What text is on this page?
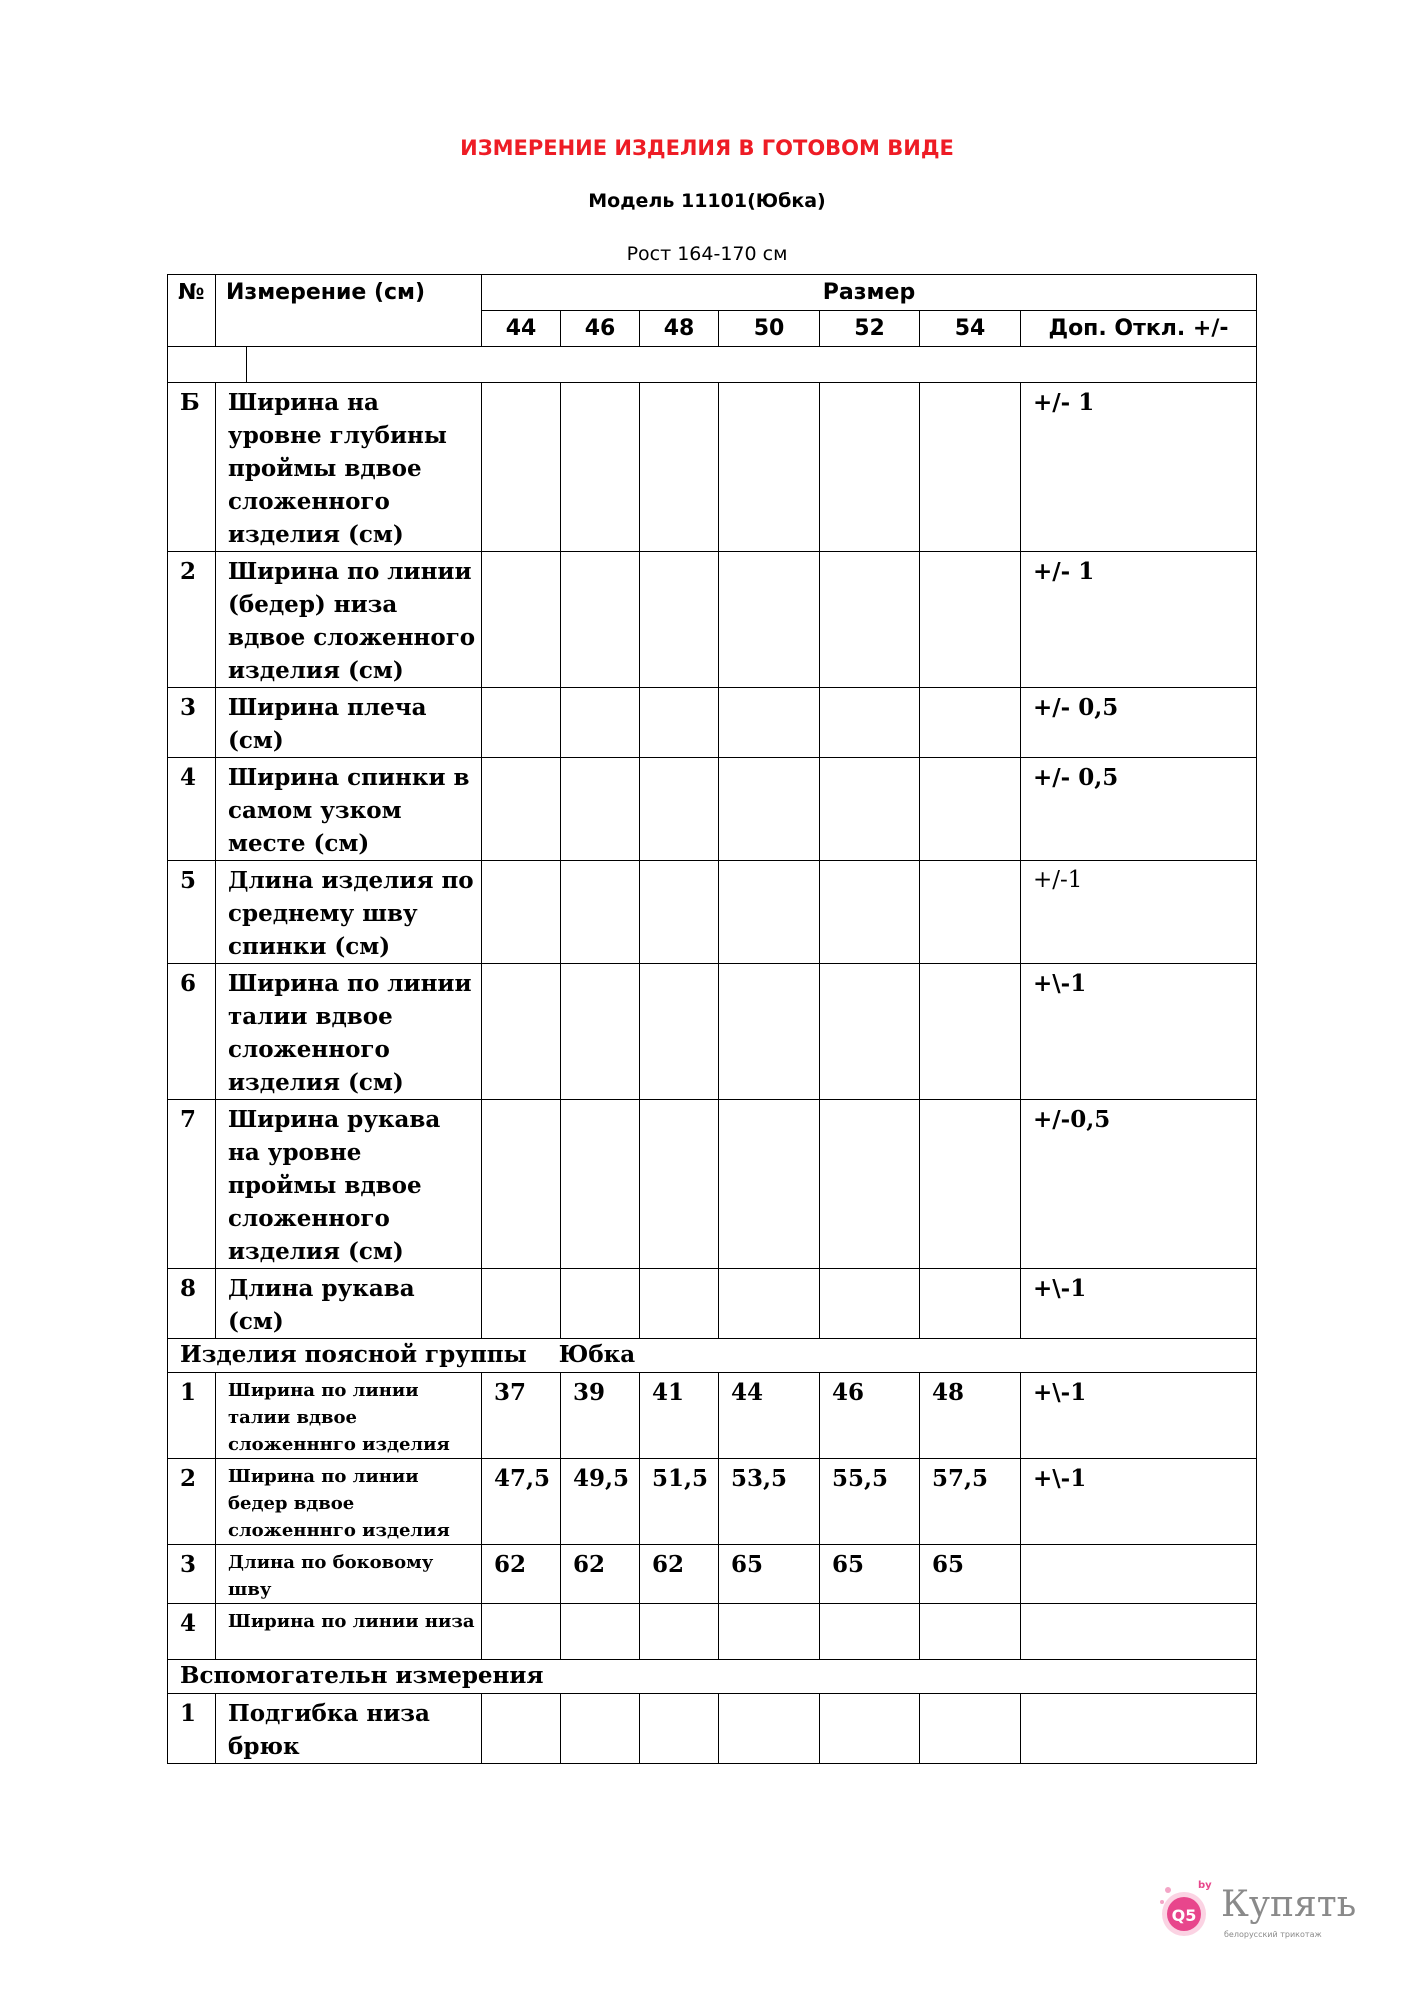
ИЗМЕРЕНИЕ ИЗДЕЛИЯ В ГОТОВОМ ВИДЕ
Модель 11101(Юбка)
Рост 164-170 см
№	Измерение (см)	Размер						
		44	46	48	50	52	54	Доп. Откл. +/-

Б	Ширина на уровне глубины проймы вдвое сложенного изделия (см)							+/- 1
2	Ширина по линии (бедер) низа вдвое сложенного изделия (см)							+/- 1
3	Ширина плеча (см)							+/- 0,5
4	Ширина спинки в самом узком месте (см)							+/- 0,5
5	Длина изделия по среднему шву спинки (см)							+/-1
6	Ширина по линии талии вдвое сложенного изделия (см)							+\-1
7	Ширина рукава на уровне проймы вдвое сложенного изделия (см)							+/-0,5
8	Длина рукава (см)							+\-1
Изделия поясной группы    Юбка								
1	Ширина по линии талии вдвое сложенннго изделия	37	39	41	44	46	48	+\-1
2	Ширина по линии бедер вдвое сложенннго изделия	47,5	49,5	51,5	53,5	55,5	57,5	+\-1
3	Длина по боковому шву	62	62	62	65	65	65	
4	Ширина по линии низа							
Вспомогательн измерения								
1	Подгибка низа брюк							
Q5
by Купять
белорусский трикотаж
